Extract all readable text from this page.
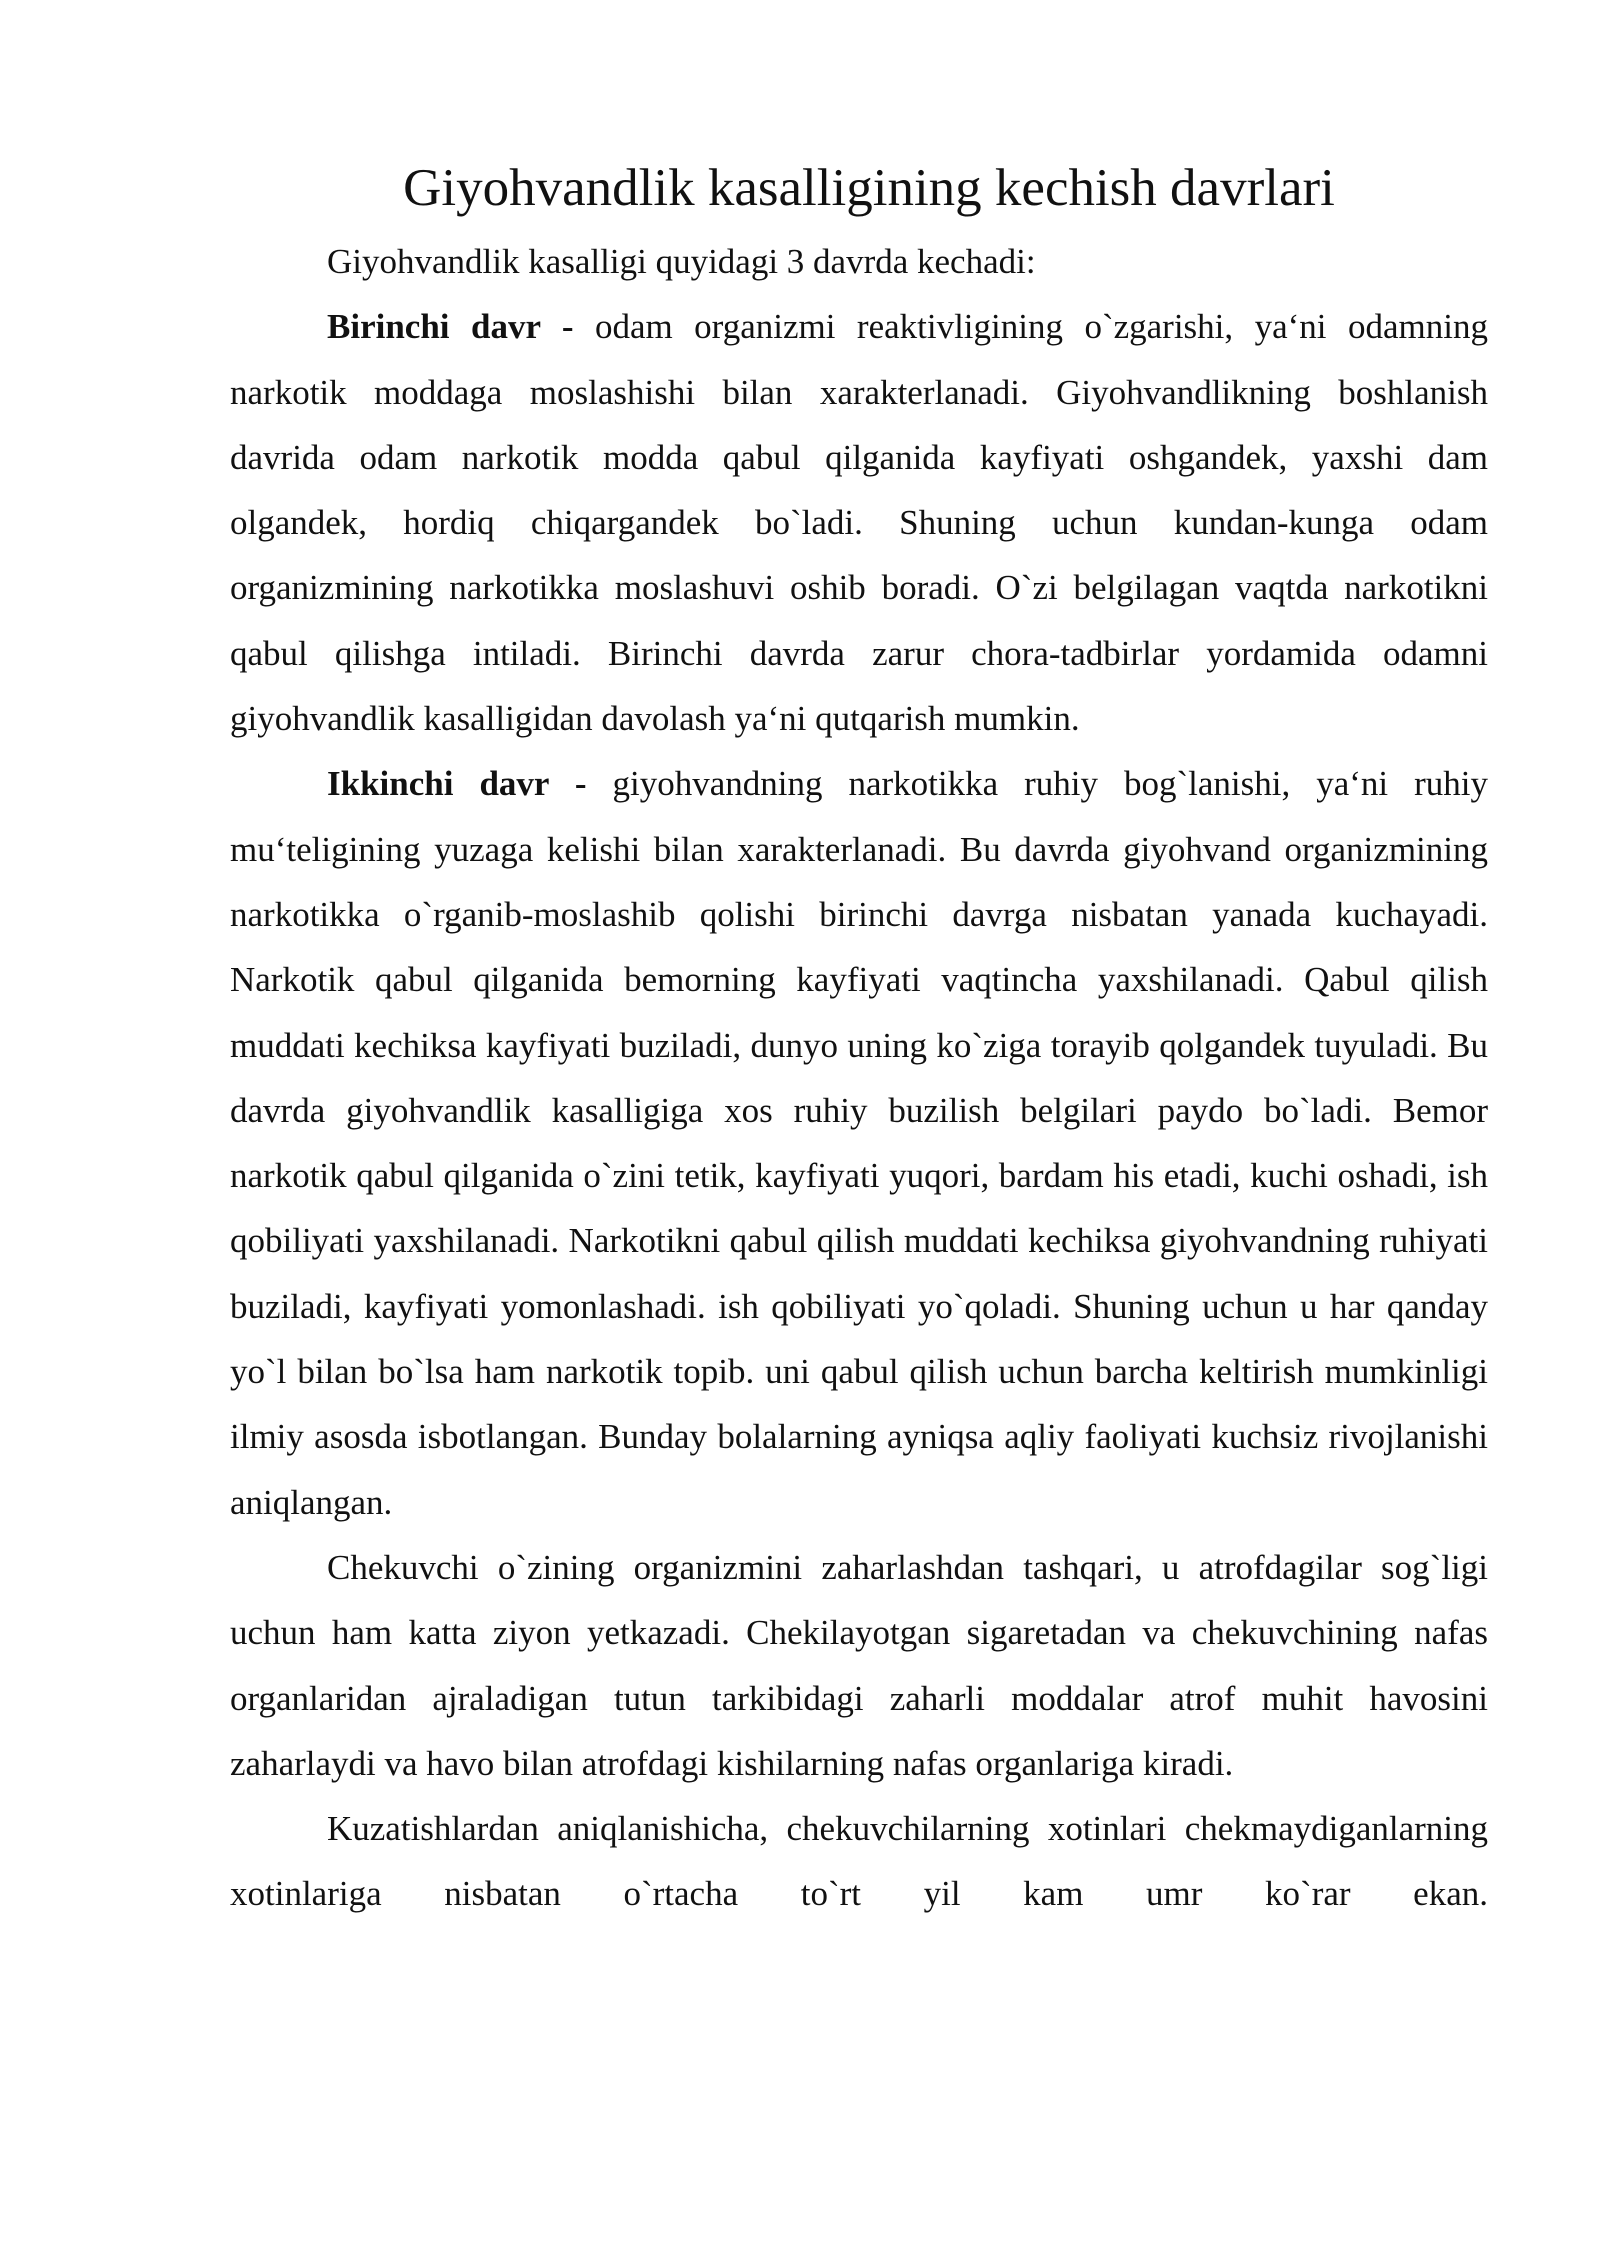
Giyohvandlik kasalligining kechish davrlari

Giyohvandlik kasalligi quyidagi 3 davrda kechadi:

Birinchi davr - odam organizmi reaktivligining o`zgarishi, ya‘ni odamning narkotik moddaga moslashishi bilan xarakterlanadi. Giyohvandlikning boshlanish davrida odam narkotik modda qabul qilganida kayfiyati oshgandek, yaxshi dam olgandek, hordiq chiqargandek bo`ladi. Shuning uchun kundan-kunga odam organizmining narkotikka moslashuvi oshib boradi. O`zi belgilagan vaqtda narkotikni qabul qilishga intiladi. Birinchi davrda zarur chora-tadbirlar yordamida odamni giyohvandlik kasalligidan davolash ya‘ni qutqarish mumkin.

Ikkinchi davr - giyohvandning narkotikka ruhiy bog`lanishi, ya‘ni ruhiy mu‘teligining yuzaga kelishi bilan xarakterlanadi. Bu davrda giyohvand organizmining narkotikka o`rganib-moslashib qolishi birinchi davrga nisbatan yanada kuchayadi. Narkotik qabul qilganida bemorning kayfiyati vaqtincha yaxshilanadi. Qabul qilish muddati kechiksa kayfiyati buziladi, dunyo uning ko`ziga torayib qolgandek tuyuladi. Bu davrda giyohvandlik kasalligiga xos ruhiy buzilish belgilari paydo bo`ladi. Bemor narkotik qabul qilganida o`zini tetik, kayfiyati yuqori, bardam his etadi, kuchi oshadi, ish qobiliyati yaxshilanadi. Narkotikni qabul qilish muddati kechiksa giyohvandning ruhiyati buziladi, kayfiyati yomonlashadi. ish qobiliyati yo`qoladi. Shuning uchun u har qanday yo`l bilan bo`lsa ham narkotik topib. uni qabul qilish uchun barcha keltirish mumkinligi ilmiy asosda isbotlangan. Bunday bolalarning ayniqsa aqliy faoliyati kuchsiz rivojlanishi aniqlangan.

Chekuvchi o`zining organizmini zaharlashdan tashqari, u atrofdagilar sog`ligi uchun ham katta ziyon yetkazadi. Chekilayotgan sigaretadan va chekuvchining nafas organlaridan ajraladigan tutun tarkibidagi zaharli moddalar atrof muhit havosini zaharlaydi va havo bilan atrofdagi kishilarning nafas organlariga kiradi.

Kuzatishlardan aniqlanishicha, chekuvchilarning xotinlari chekmaydiganlarning xotinlariga nisbatan o`rtacha to`rt yil kam umr ko`rar ekan.
